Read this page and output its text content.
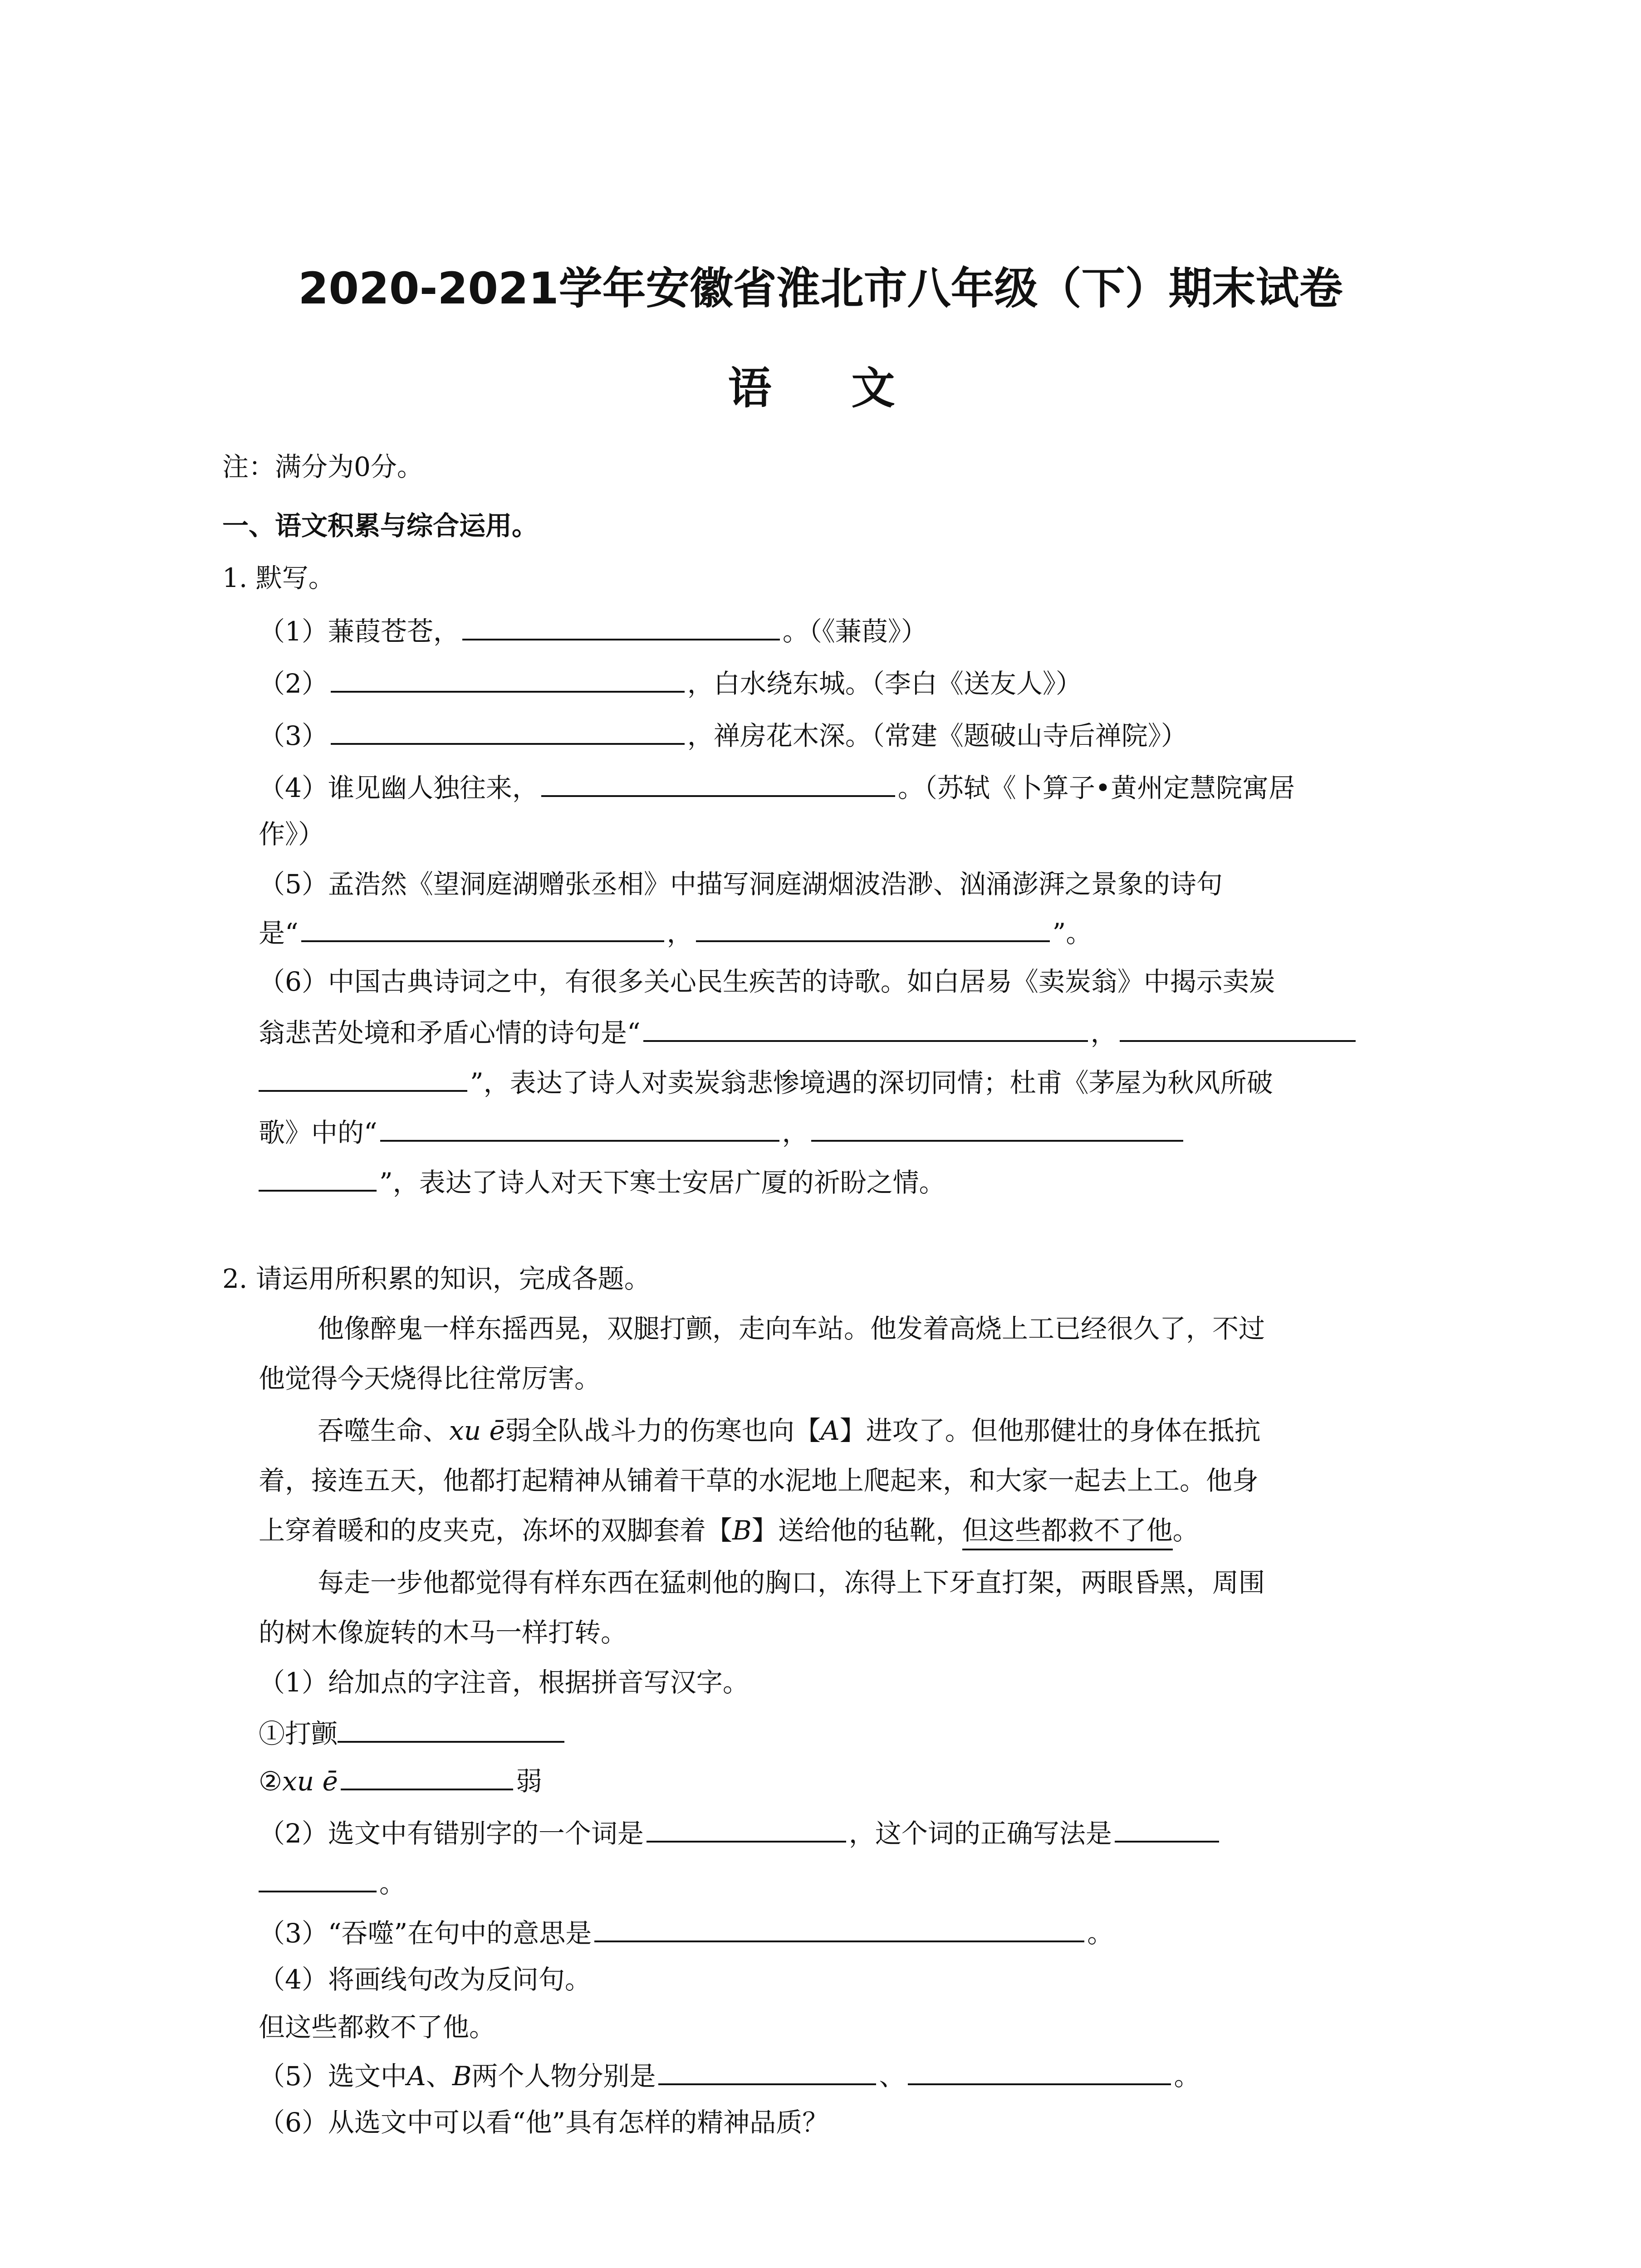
2020-2021学年安徽省淮北市八年级（下）期末试卷
语　文
注：满分为0分。
一、语文积累与综合运用。
1. 默写。
（1）蒹葭苍苍，	。（《蒹葭》）
（2）	，白水绕东城。（李白《送友人》）
（3）	，禅房花木深。（常建《题破山寺后禅院》）
（4）谁见幽人独往来，	。（苏轼《卜算子•黄州定慧院寓居
作》）
（5）孟浩然《望洞庭湖赠张丞相》中描写洞庭湖烟波浩渺、汹涌澎湃之景象的诗句
是“	，	”。
（6）中国古典诗词之中，有很多关心民生疾苦的诗歌。如白居易《卖炭翁》中揭示卖炭
翁悲苦处境和矛盾心情的诗句是“	，
”，表达了诗人对卖炭翁悲惨境遇的深切同情；杜甫《茅屋为秋风所破
歌》中的“	，
”，表达了诗人对天下寒士安居广厦的祈盼之情。
2. 请运用所积累的知识，完成各题。
他像醉鬼一样东摇西晃，双腿打颤，走向车站。他发着高烧上工已经很久了，不过
他觉得今天烧得比往常厉害。
吞噬生命、xu ē弱全队战斗力的伤寒也向【A】进攻了。但他那健壮的身体在抵抗
着，接连五天，他都打起精神从铺着干草的水泥地上爬起来，和大家一起去上工。他身
上穿着暖和的皮夹克，冻坏的双脚套着【B】送给他的毡靴，但这些都救不了他。
每走一步他都觉得有样东西在猛刺他的胸口，冻得上下牙直打架，两眼昏黑，周围
的树木像旋转的木马一样打转。
（1）给加点的字注音，根据拼音写汉字。
①打颤
②xu ē	弱
（2）选文中有错别字的一个词是	，这个词的正确写法是
。
（3）“吞噬”在句中的意思是	。
（4）将画线句改为反问句。
但这些都救不了他。
（5）选文中A、B两个人物分别是	、	。
（6）从选文中可以看“他”具有怎样的精神品质？
